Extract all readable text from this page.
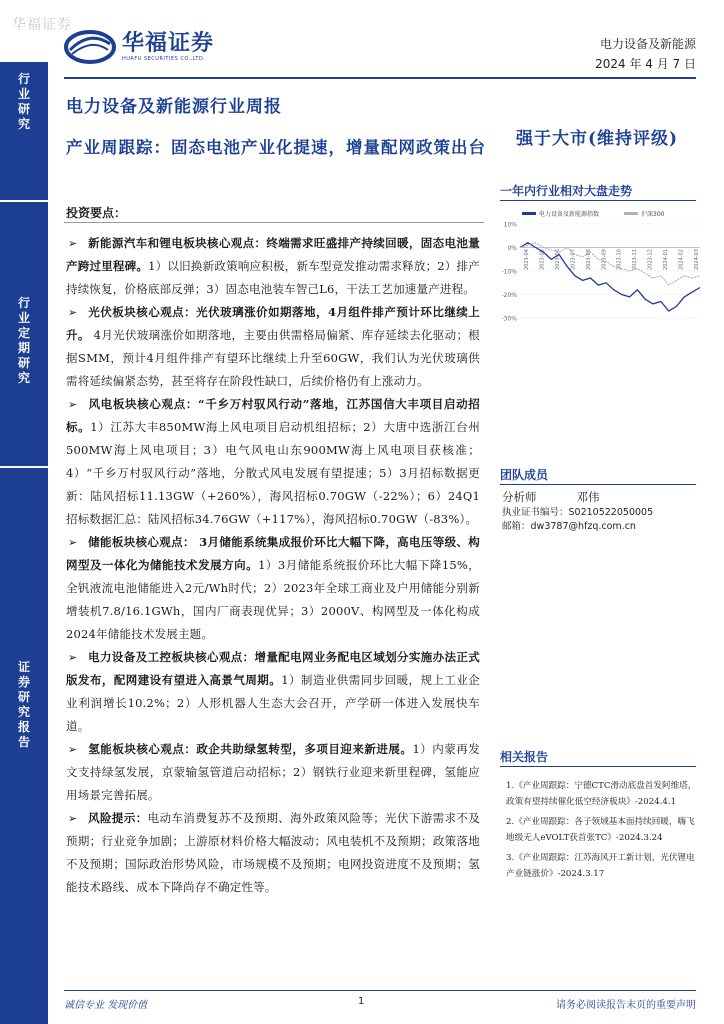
华福证券
华福证券
HUAFU SECURITIES CO.,LTD.
电力设备及新能源
2024 年 4 月 7 日
行
业
研
究
行
业
定
期
研
究
证
券
研
究
报
告
电力设备及新能源行业周报
产业周跟踪：固态电池产业化提速，增量配网政策出台 强于大市(维持评级)
投资要点：

➢ 新能源汽车和锂电板块核心观点：终端需求旺盛排产持续回暖，固态电池量产跨过里程碑。1）以旧换新政策响应积极，新车型竞发推动需求释放；2）排产持续恢复，价格底部反弹；3）固态电池装车智己L6，干法工艺加速量产进程。

➢ 光伏板块核心观点：光伏玻璃涨价如期落地，4月组件排产预计环比继续上升。 4月光伏玻璃涨价如期落地，主要由供需格局偏紧、库存延续去化驱动；根据SMM，预计4月组件排产有望环比继续上升至60GW，我们认为光伏玻璃供需将延续偏紧态势，甚至将存在阶段性缺口，后续价格仍有上涨动力。

➢ 风电板块核心观点：“千乡万村驭风行动”落地，江苏国信大丰项目启动招标。1）江苏大丰850MW海上风电项目启动机组招标；2）大唐中选浙江台州500MW海上风电项目；3）电气风电山东900MW海上风电项目获核准；4）“千乡万村驭风行动”落地，分散式风电发展有望提速；5）3月招标数据更新：陆风招标11.13GW（+260%），海风招标0.70GW（-22%）；6）24Q1招标数据汇总：陆风招标34.76GW（+117%），海风招标0.70GW（-83%）。

➢ 储能板块核心观点： 3月储能系统集成报价环比大幅下降，高电压等级、构网型及一体化为储能技术发展方向。1）3月储能系统报价环比大幅下降15%，全钒液流电池储能进入2元/Wh时代；2）2023年全球工商业及户用储能分别新增装机7.8/16.1GWh，国内厂商表现优异；3）2000V、构网型及一体化构成2024年储能技术发展主题。

➢ 电力设备及工控板块核心观点：增量配电网业务配电区域划分实施办法正式版发布，配网建设有望进入高景气周期。1）制造业供需同步回暖，规上工业企业利润增长10.2%；2）人形机器人生态大会召开，产学研一体进入发展快车道。

➢ 氢能板块核心观点：政企共助绿氢转型，多项目迎来新进展。1）内蒙再发文支持绿氢发展，京蒙输氢管道启动招标；2）钢铁行业迎来新里程碑，氢能应用场景完善拓展。

➢ 风险提示：电动车消费复苏不及预期、海外政策风险等；光伏下游需求不及预期；行业竞争加剧；上游原材料价格大幅波动；风电装机不及预期；政策落地不及预期；国际政治形势风险，市场规模不及预期；电网投资进度不及预期；氢能技术路线、成本下降尚存不确定性等。

一年内行业相对大盘走势
10%
0%
-10%
-20%
-30%
2023-04 2023-05 2023-06 2023-07 2023-08 2023-09 2023-10 2023-11 2023-12 2024-01 2024-02 2024-03
电力设备及新能源指数	沪深300
团队成员
分析师	邓伟
执业证书编号：S0210522050005
邮箱：dw3787@hfzq.com.cn
相关报告
1.《产业周跟踪：宁德CTC滑动底盘首发阿维塔，政策有望持续催化低空经济板块》-2024.4.1
2.《产业周跟踪：各子领域基本面持续回暖，嗨飞地级无人eVOLT获首张TC》-2024.3.24
3.《产业周跟踪：江苏海风开工新计划，光伏锂电产业链涨价》-2024.3.17
诚信专业 发现价值	1	请务必阅读报告末页的重要声明
